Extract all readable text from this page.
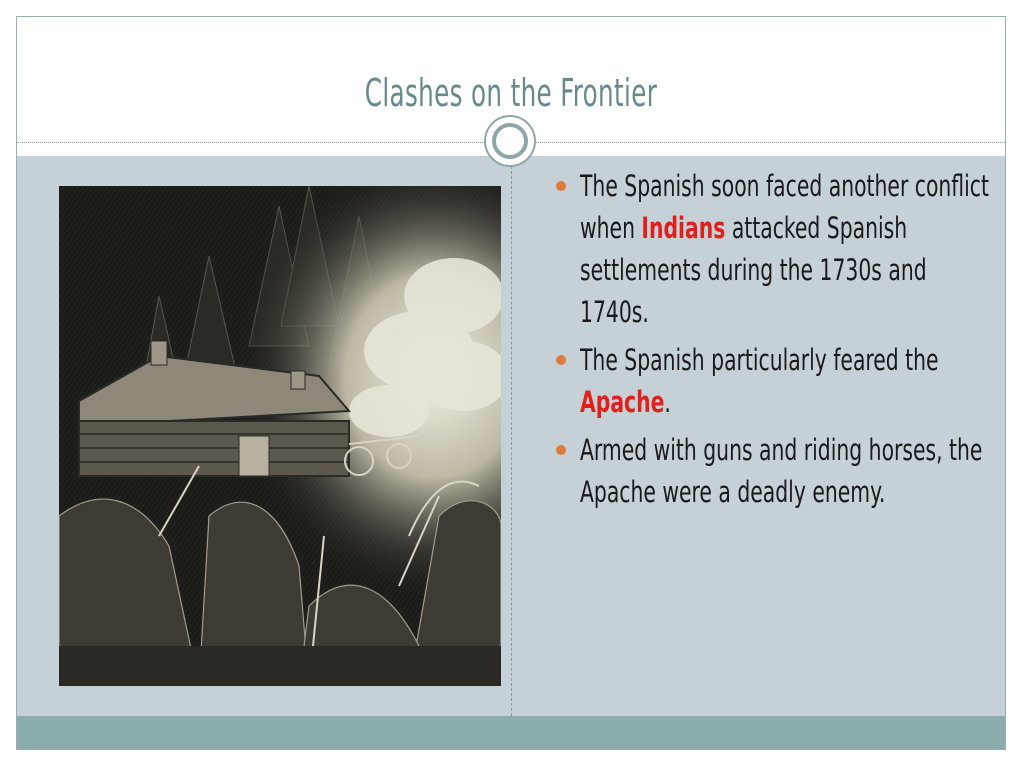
Clashes on the Frontier
The Spanish soon faced another conflict when Indians attacked Spanish settlements during the 1730s and 1740s.
The Spanish particularly feared the Apache.
Armed with guns and riding horses, the Apache were a deadly enemy.
